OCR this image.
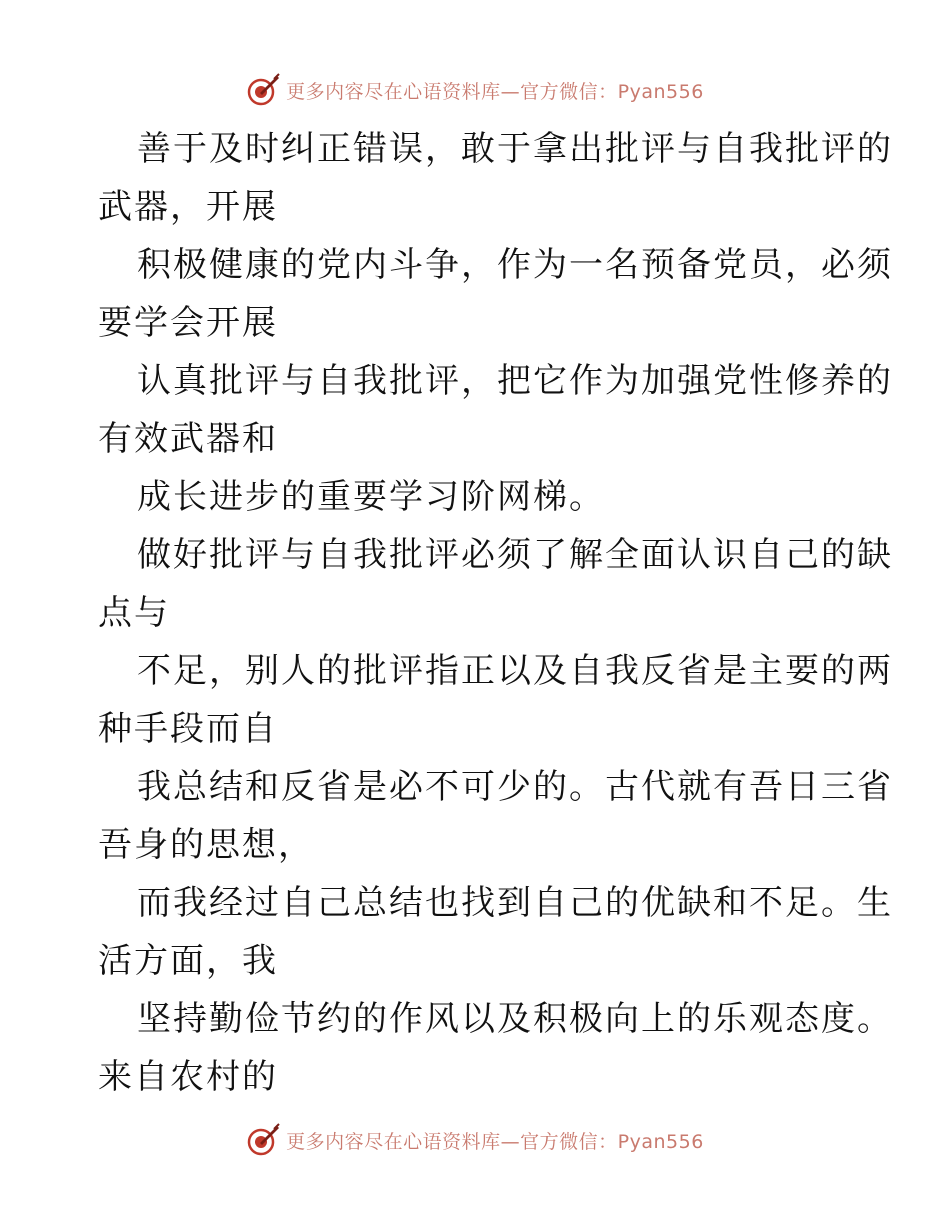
更多内容尽在心语资料库—官方微信：Pyan556
善于及时纠正错误，敢于拿出批评与自我批评的
武器，开展
积极健康的党内斗争，作为一名预备党员，必须
要学会开展
认真批评与自我批评，把它作为加强党性修养的
有效武器和
成长进步的重要学习阶网梯。
做好批评与自我批评必须了解全面认识自己的缺
点与
不足，别人的批评指正以及自我反省是主要的两
种手段而自
我总结和反省是必不可少的。古代就有吾日三省
吾身的思想，
而我经过自己总结也找到自己的优缺和不足。生
活方面，我
坚持勤俭节约的作风以及积极向上的乐观态度。
来自农村的
更多内容尽在心语资料库—官方微信：Pyan556
